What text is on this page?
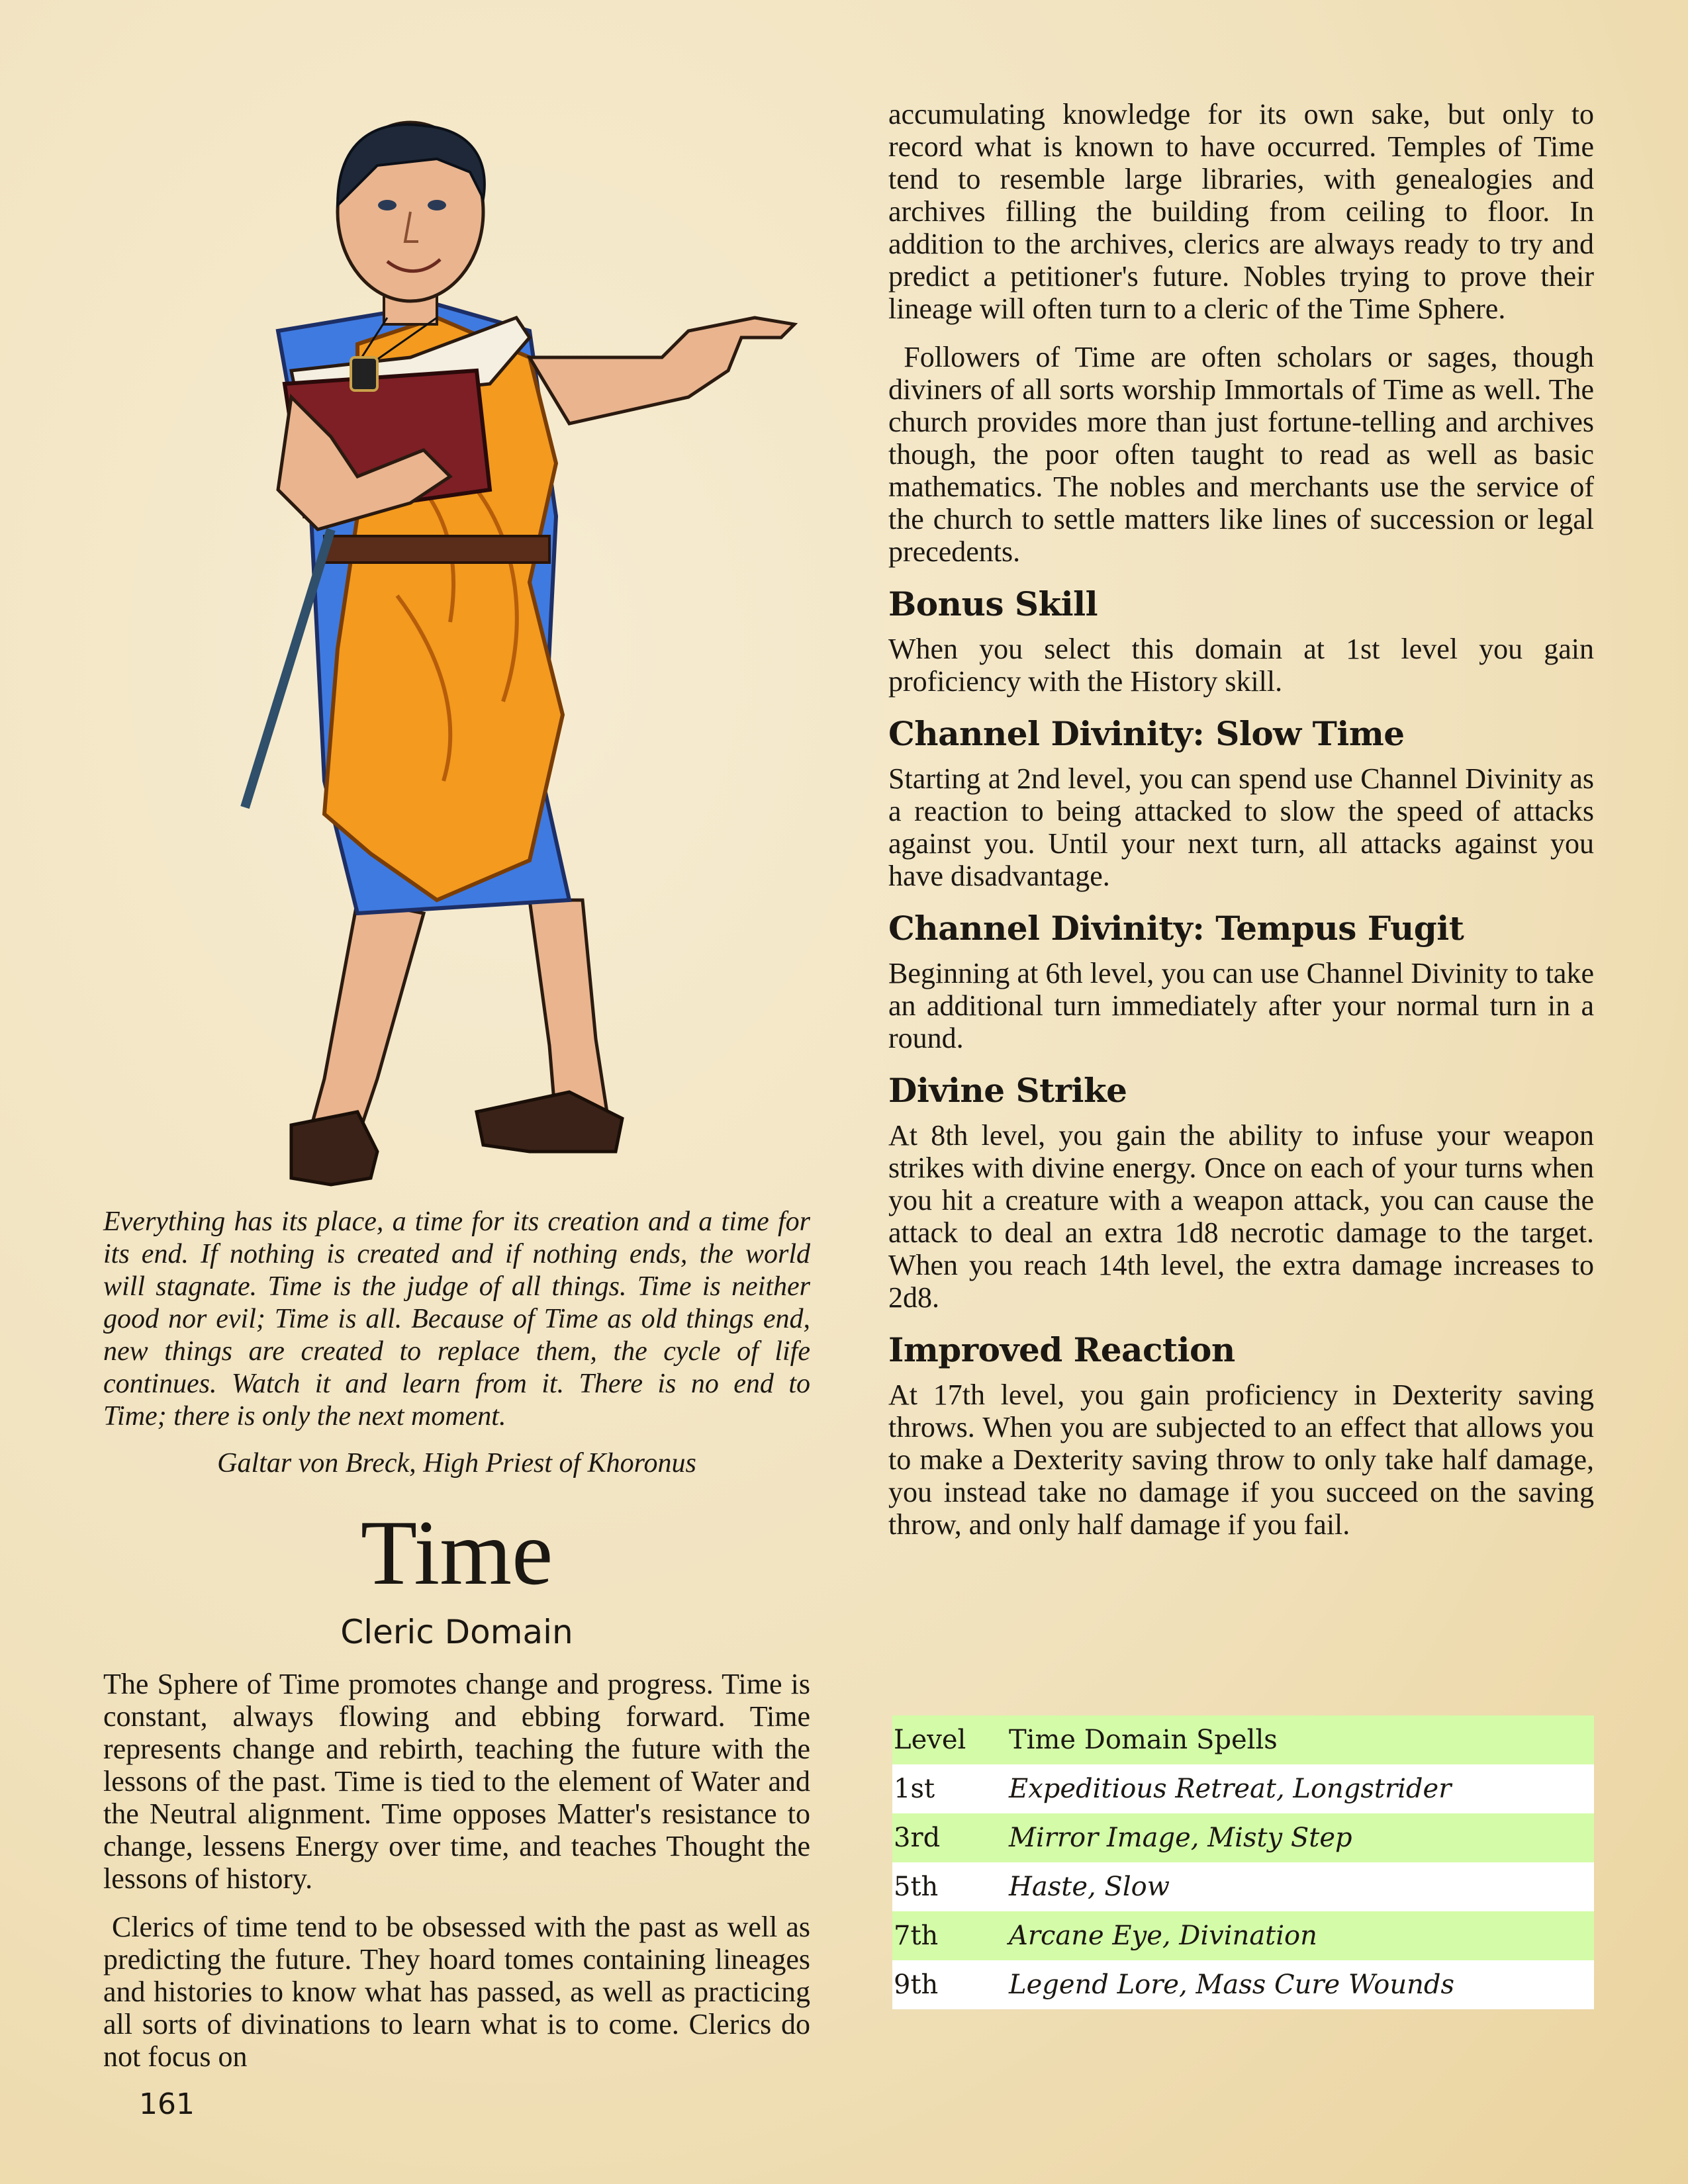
Everything has its place, a time for its creation and a time for

its end. If nothing is created and if nothing ends, the world

will stagnate. Time is the judge of all things. Time is neither

good nor evil; Time is all. Because of Time as old things end,

new things are created to replace them, the cycle of life

continues. Watch it and learn from it. There is no end to

Time; there is only the next moment.

Galtar von Breck, High Priest of Khoronus

Time
Cleric Domain

The Sphere of Time promotes change and progress. Time is constant, always flowing and ebbing forward. Time represents change and rebirth, teaching the future with the lessons of the past. Time is tied to the element of Water and the Neutral alignment. Time opposes Matter's resistance to change, lessens Energy over time, and teaches Thought the lessons of history.

Clerics of time tend to be obsessed with the past as well as predicting the future. They hoard tomes containing lineages and histories to know what has passed, as well as practicing all sorts of divinations to learn what is to come. Clerics do not focus on

accumulating knowledge for its own sake, but only to record what is known to have occurred. Temples of Time tend to resemble large libraries, with genealogies and archives filling the building from ceiling to floor. In addition to the archives, clerics are always ready to try and predict a petitioner's future. Nobles trying to prove their lineage will often turn to a cleric of the Time Sphere.

Followers of Time are often scholars or sages, though diviners of all sorts worship Immortals of Time as well. The church provides more than just fortune-telling and archives though, the poor often taught to read as well as basic mathematics. The nobles and merchants use the service of the church to settle matters like lines of succession or legal precedents.

Bonus Skill

When you select this domain at 1st level you gain proficiency with the History skill.

Channel Divinity: Slow Time

Starting at 2nd level, you can spend use Channel Divinity as a reaction to being attacked to slow the speed of attacks against you. Until your next turn, all attacks against you have disadvantage.

Channel Divinity: Tempus Fugit

Beginning at 6th level, you can use Channel Divinity to take an additional turn immediately after your normal turn in a round.

Divine Strike

At 8th level, you gain the ability to infuse your weapon strikes with divine energy. Once on each of your turns when you hit a creature with a weapon attack, you can cause the attack to deal an extra 1d8 necrotic damage to the target. When you reach 14th level, the extra damage increases to 2d8.

Improved Reaction

At 17th level, you gain proficiency in Dexterity saving throws. When you are subjected to an effect that allows you to make a Dexterity saving throw to only take half damage, you instead take no damage if you succeed on the saving throw, and only half damage if you fail.

Level	Time Domain Spells
1st	Expeditious Retreat, Longstrider
3rd	Mirror Image, Misty Step
5th	Haste, Slow
7th	Arcane Eye, Divination
9th	Legend Lore, Mass Cure Wounds
161
